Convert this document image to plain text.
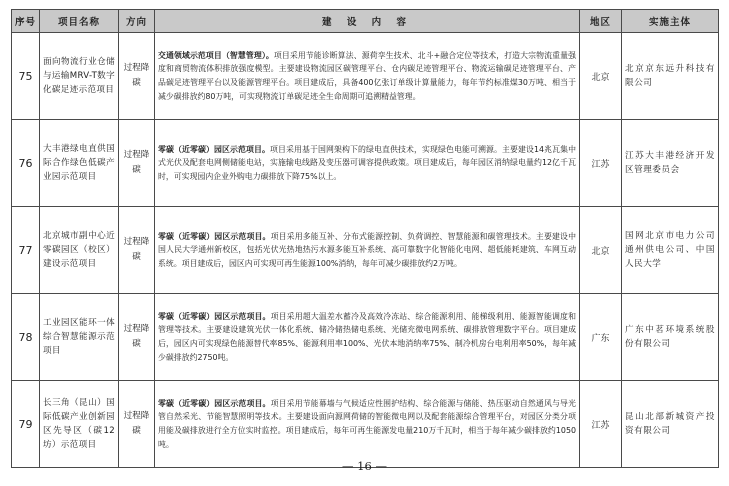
序号	项目名称	方向	建 设 内 容	地区	实施主体
75	面向物流行业仓储与运输MRV-T数字化碳足迹示范项目	过程降碳	交通领域示范项目（智慧管理）。项目采用节能诊断算法、源荷孪生技术、北斗+融合定位等技术，打造大宗物流重量强度和商贸物流体积排放强度模型。主要建设物流园区碳管理平台、仓内碳足迹管理平台、物流运输碳足迹管理平台、产品碳足迹管理平台以及能源管理平台。项目建成后，具备400亿张订单级计算量能力，每年节约标准煤30万吨、相当于减少碳排放约80万吨，可实现物流订单碳足迹全生命周期可追溯精益管理。	北京	北京京东远升科技有限公司
76	大丰港绿电直供国际合作绿色低碳产业园示范项目	过程降碳	零碳（近零碳）园区示范项目。项目采用基于国网架构下的绿电直供技术，实现绿色电能可溯源。主要建设14兆瓦集中式光伏及配套电网侧储能电站，实施输电线路及变压器可调容提供政策。项目建成后，每年园区消纳绿电量约12亿千瓦时，可实现园内企业外购电力碳排放下降75%以上。	江苏	江苏大丰港经济开发区管理委员会
77	北京城市副中心近零碳园区（校区）建设示范项目	过程降碳	零碳（近零碳）园区示范项目。项目采用多能互补、分布式能源控制、负荷调控、智慧能源和碳管理技术。主要建设中国人民大学通州新校区，包括光伏光热地热污水源多能互补系统、高可靠数字化智能化电网、超低能耗建筑、车网互动系统。项目建成后，园区内可实现可再生能源100%消纳，每年可减少碳排放约2万吨。	北京	国网北京市电力公司通州供电公司、中国人民大学
78	工业园区能环一体综合智慧能源示范项目	过程降碳	零碳（近零碳）园区示范项目。项目采用超大温差水蓄冷及高效冷冻站、综合能源利用、能梯级利用、能源智能调度和管理等技术。主要建设建筑光伏一体化系统、储冷储热储电系统、光储充微电网系统、碳排放管理数字平台。项目建成后，园区内可实现绿色能源替代率85%、能源利用率100%、光伏本地消纳率75%、制冷机房台电利用率50%，每年减少碳排放约2750吨。	广东	广东中茗环境系统股份有限公司
79	长三角（昆山）国际低碳产业创新园区先导区（碳12坊）示范项目	过程降碳	零碳（近零碳）园区示范项目。项目采用节能幕墙与气候适应性围护结构、综合能源与储能、热压驱动自然通风与导光管自然采光、节能智慧照明等技术。主要建设面向源网荷储的智能微电网以及配套能源综合管理平台，对园区分类分项用能及碳排放进行全方位实时监控。项目建成后，每年可再生能源发电量210万千瓦时，相当于每年减少碳排放约1050吨。	江苏	昆山北部新城资产投资有限公司
— 16 —
